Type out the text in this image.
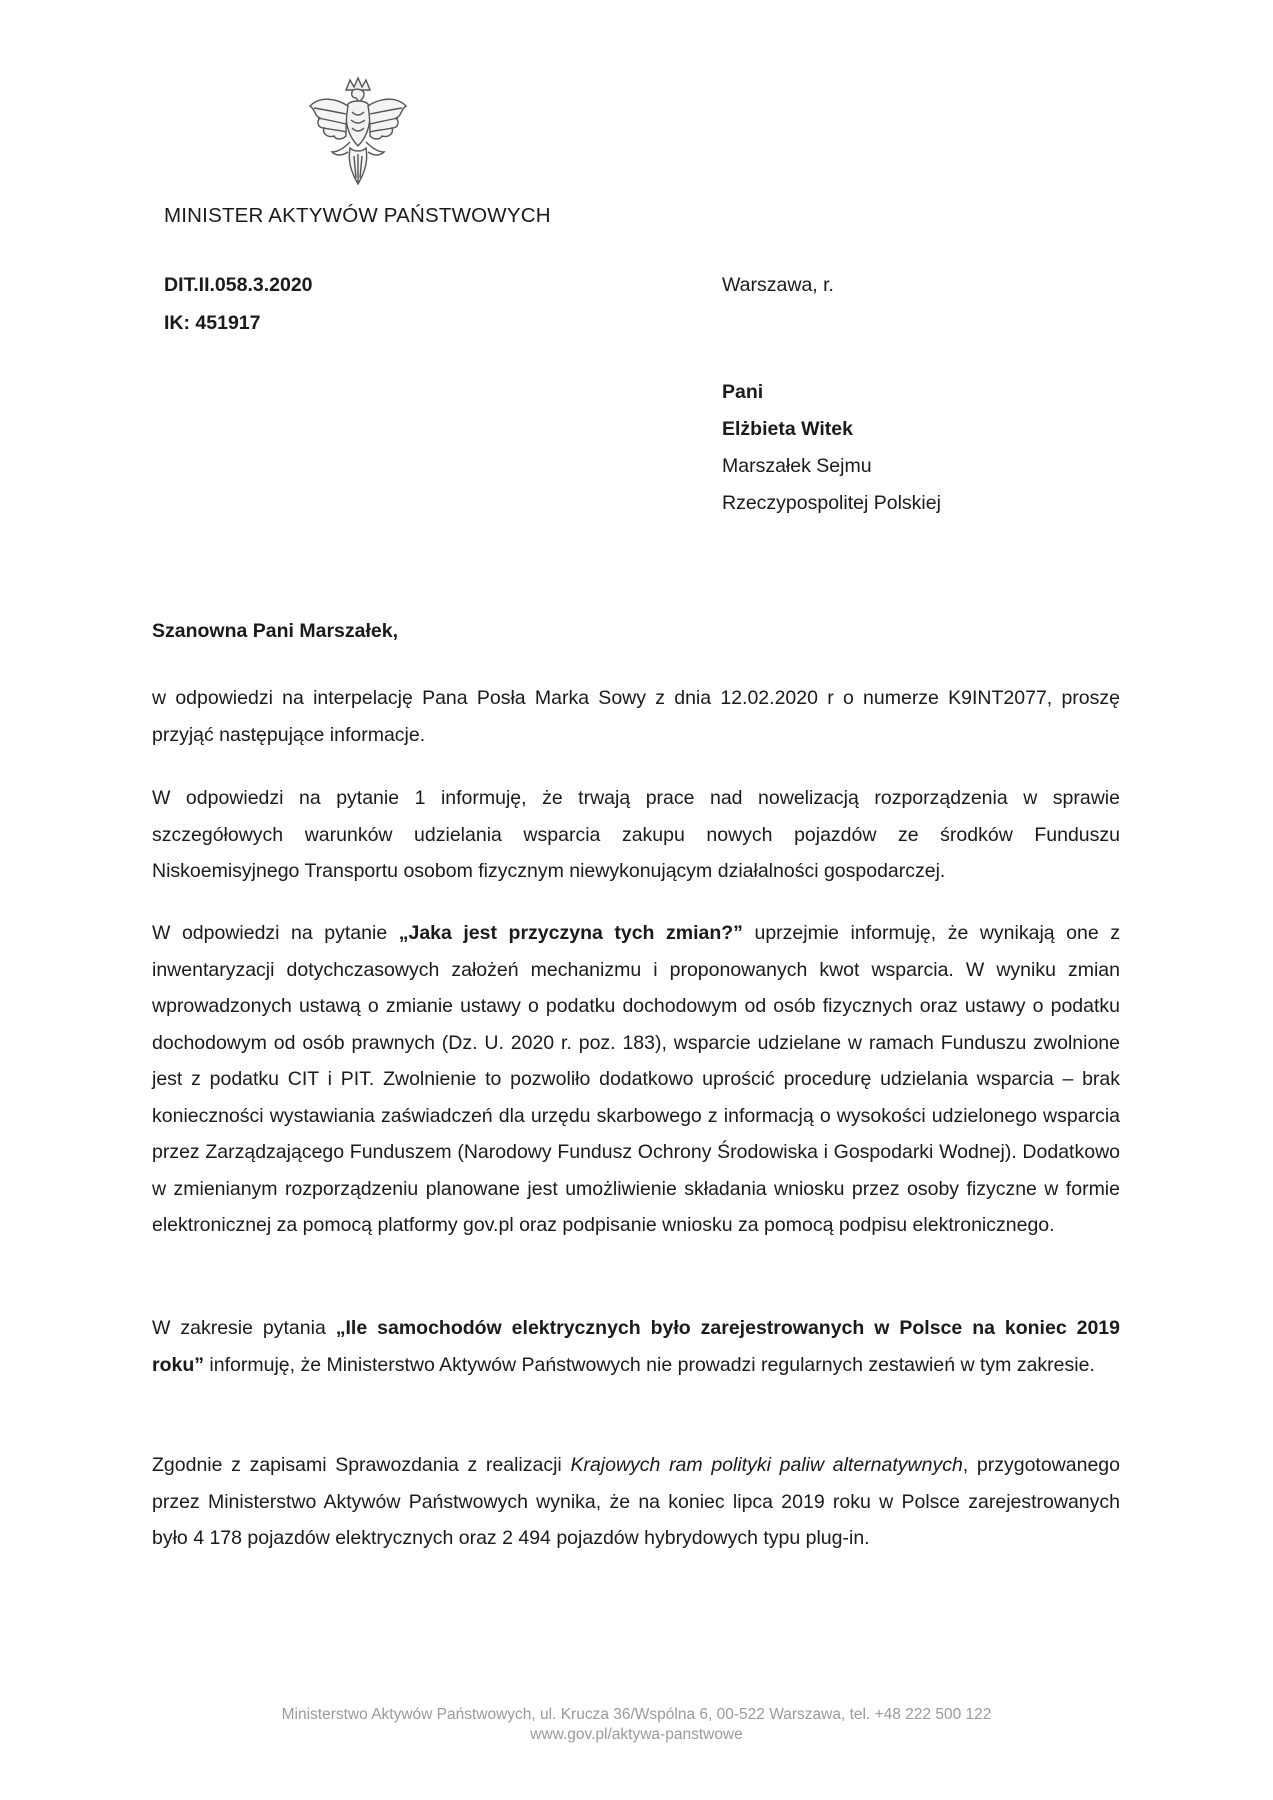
MINISTER AKTYWÓW PAŃSTWOWYCH
DIT.II.058.3.2020
IK: 451917
Warszawa, r.
Pani
Elżbieta Witek
Marszałek Sejmu
Rzeczypospolitej Polskiej
Szanowna Pani Marszałek,

w odpowiedzi na interpelację Pana Posła Marka Sowy z dnia 12.02.2020 r o numerze K9INT2077, proszę przyjąć następujące informacje.

W odpowiedzi na pytanie 1 informuję, że trwają prace nad nowelizacją rozporządzenia w sprawie szczegółowych warunków udzielania wsparcia zakupu nowych pojazdów ze środków Funduszu Niskoemisyjnego Transportu osobom fizycznym niewykonującym działalności gospodarczej.

W odpowiedzi na pytanie „Jaka jest przyczyna tych zmian?” uprzejmie informuję, że wynikają one z inwentaryzacji dotychczasowych założeń mechanizmu i proponowanych kwot wsparcia. W wyniku zmian wprowadzonych ustawą o zmianie ustawy o podatku dochodowym od osób fizycznych oraz ustawy o podatku dochodowym od osób prawnych (Dz. U. 2020 r. poz. 183), wsparcie udzielane w ramach Funduszu zwolnione jest z podatku CIT i PIT. Zwolnienie to pozwoliło dodatkowo uprościć procedurę udzielania wsparcia – brak konieczności wystawiania zaświadczeń dla urzędu skarbowego z informacją o wysokości udzielonego wsparcia przez Zarządzającego Funduszem (Narodowy Fundusz Ochrony Środowiska i Gospodarki Wodnej). Dodatkowo w zmienianym rozporządzeniu planowane jest umożliwienie składania wniosku przez osoby fizyczne w formie elektronicznej za pomocą platformy gov.pl oraz podpisanie wniosku za pomocą podpisu elektronicznego.

W zakresie pytania „Ile samochodów elektrycznych było zarejestrowanych w Polsce na koniec 2019 roku” informuję, że Ministerstwo Aktywów Państwowych nie prowadzi regularnych zestawień w tym zakresie.

Zgodnie z zapisami Sprawozdania z realizacji Krajowych ram polityki paliw alternatywnych, przygotowanego przez Ministerstwo Aktywów Państwowych wynika, że na koniec lipca 2019 roku w Polsce zarejestrowanych było 4 178 pojazdów elektrycznych oraz 2 494 pojazdów hybrydowych typu plug-in.

Ministerstwo Aktywów Państwowych, ul. Krucza 36/Wspólna 6, 00-522 Warszawa, tel. +48 222 500 122
www.gov.pl/aktywa-panstwowe
